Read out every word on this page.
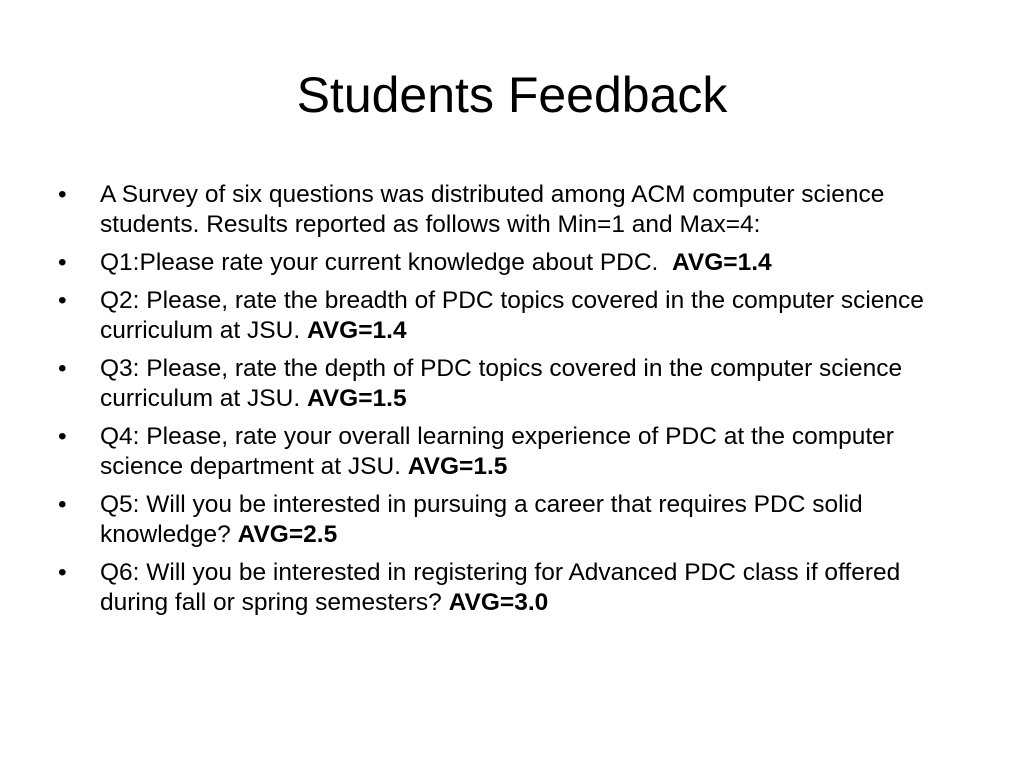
Students Feedback
•	A Survey of six questions was distributed among ACM computer science students. Results reported as follows with Min=1 and Max=4:
•	Q1:Please rate your current knowledge about PDC.  AVG=1.4
•	Q2: Please, rate the breadth of PDC topics covered in the computer science curriculum at JSU. AVG=1.4
•	Q3: Please, rate the depth of PDC topics covered in the computer science curriculum at JSU. AVG=1.5
•	Q4: Please, rate your overall learning experience of PDC at the computer science department at JSU. AVG=1.5
•	Q5: Will you be interested in pursuing a career that requires PDC solid knowledge? AVG=2.5
•	Q6: Will you be interested in registering for Advanced PDC class if offered during fall or spring semesters? AVG=3.0
